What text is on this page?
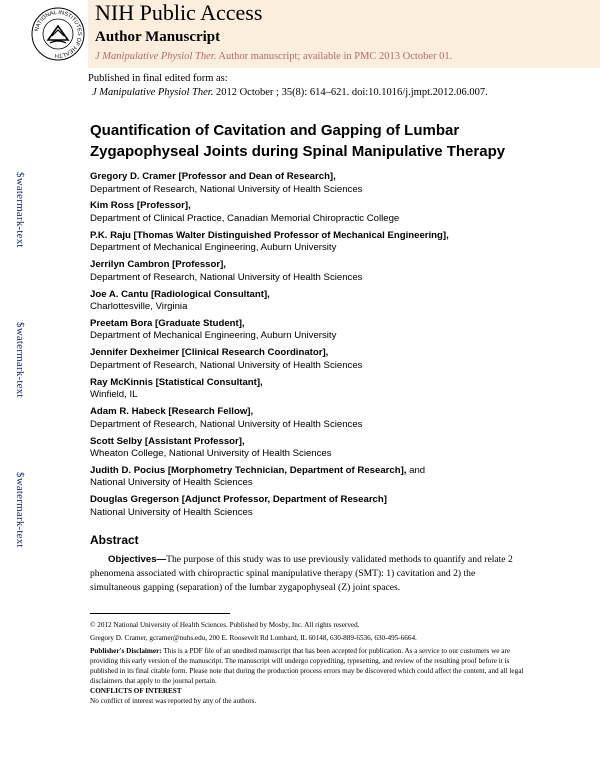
NATIONAL INSTITUTES OF HEALTH
NIH Public Access
Author Manuscript
J Manipulative Physiol Ther. Author manuscript; available in PMC 2013 October 01.
Published in final edited form as:
J Manipulative Physiol Ther. 2012 October ; 35(8): 614–621. doi:10.1016/j.jmpt.2012.06.007.
$watermark-text
$watermark-text
$watermark-text
Quantification of Cavitation and Gapping of Lumbar Zygapophyseal Joints during Spinal Manipulative Therapy
Gregory D. Cramer [Professor and Dean of Research],
Department of Research, National University of Health Sciences
Kim Ross [Professor],
Department of Clinical Practice, Canadian Memorial Chiropractic College
P.K. Raju [Thomas Walter Distinguished Professor of Mechanical Engineering],
Department of Mechanical Engineering, Auburn University
Jerrilyn Cambron [Professor],
Department of Research, National University of Health Sciences
Joe A. Cantu [Radiological Consultant],
Charlottesville, Virginia
Preetam Bora [Graduate Student],
Department of Mechanical Engineering, Auburn University
Jennifer Dexheimer [Clinical Research Coordinator],
Department of Research, National University of Health Sciences
Ray McKinnis [Statistical Consultant],
Winfield, IL
Adam R. Habeck [Research Fellow],
Department of Research, National University of Health Sciences
Scott Selby [Assistant Professor],
Wheaton College, National University of Health Sciences
Judith D. Pocius [Morphometry Technician, Department of Research], and
National University of Health Sciences
Douglas Gregerson [Adjunct Professor, Department of Research]
National University of Health Sciences
Abstract
Objectives—The purpose of this study was to use previously validated methods to quantify and relate 2 phenomena associated with chiropractic spinal manipulative therapy (SMT): 1) cavitation and 2) the simultaneous gapping (separation) of the lumbar zygapophyseal (Z) joint spaces.

© 2012 National University of Health Sciences. Published by Mosby, Inc. All rights reserved.

Gregory D. Cramer, gcramer@nuhs.edu, 200 E. Roosevelt Rd Lombard, IL 60148, 630-889-6536, 630-495-6664.

Publisher's Disclaimer: This is a PDF file of an unedited manuscript that has been accepted for publication. As a service to our customers we are providing this early version of the manuscript. The manuscript will undergo copyediting, typesetting, and review of the resulting proof before it is published in its final citable form. Please note that during the production process errors may be discovered which could affect the content, and all legal disclaimers that apply to the journal pertain.

CONFLICTS OF INTEREST

No conflict of interest was reported by any of the authors.
